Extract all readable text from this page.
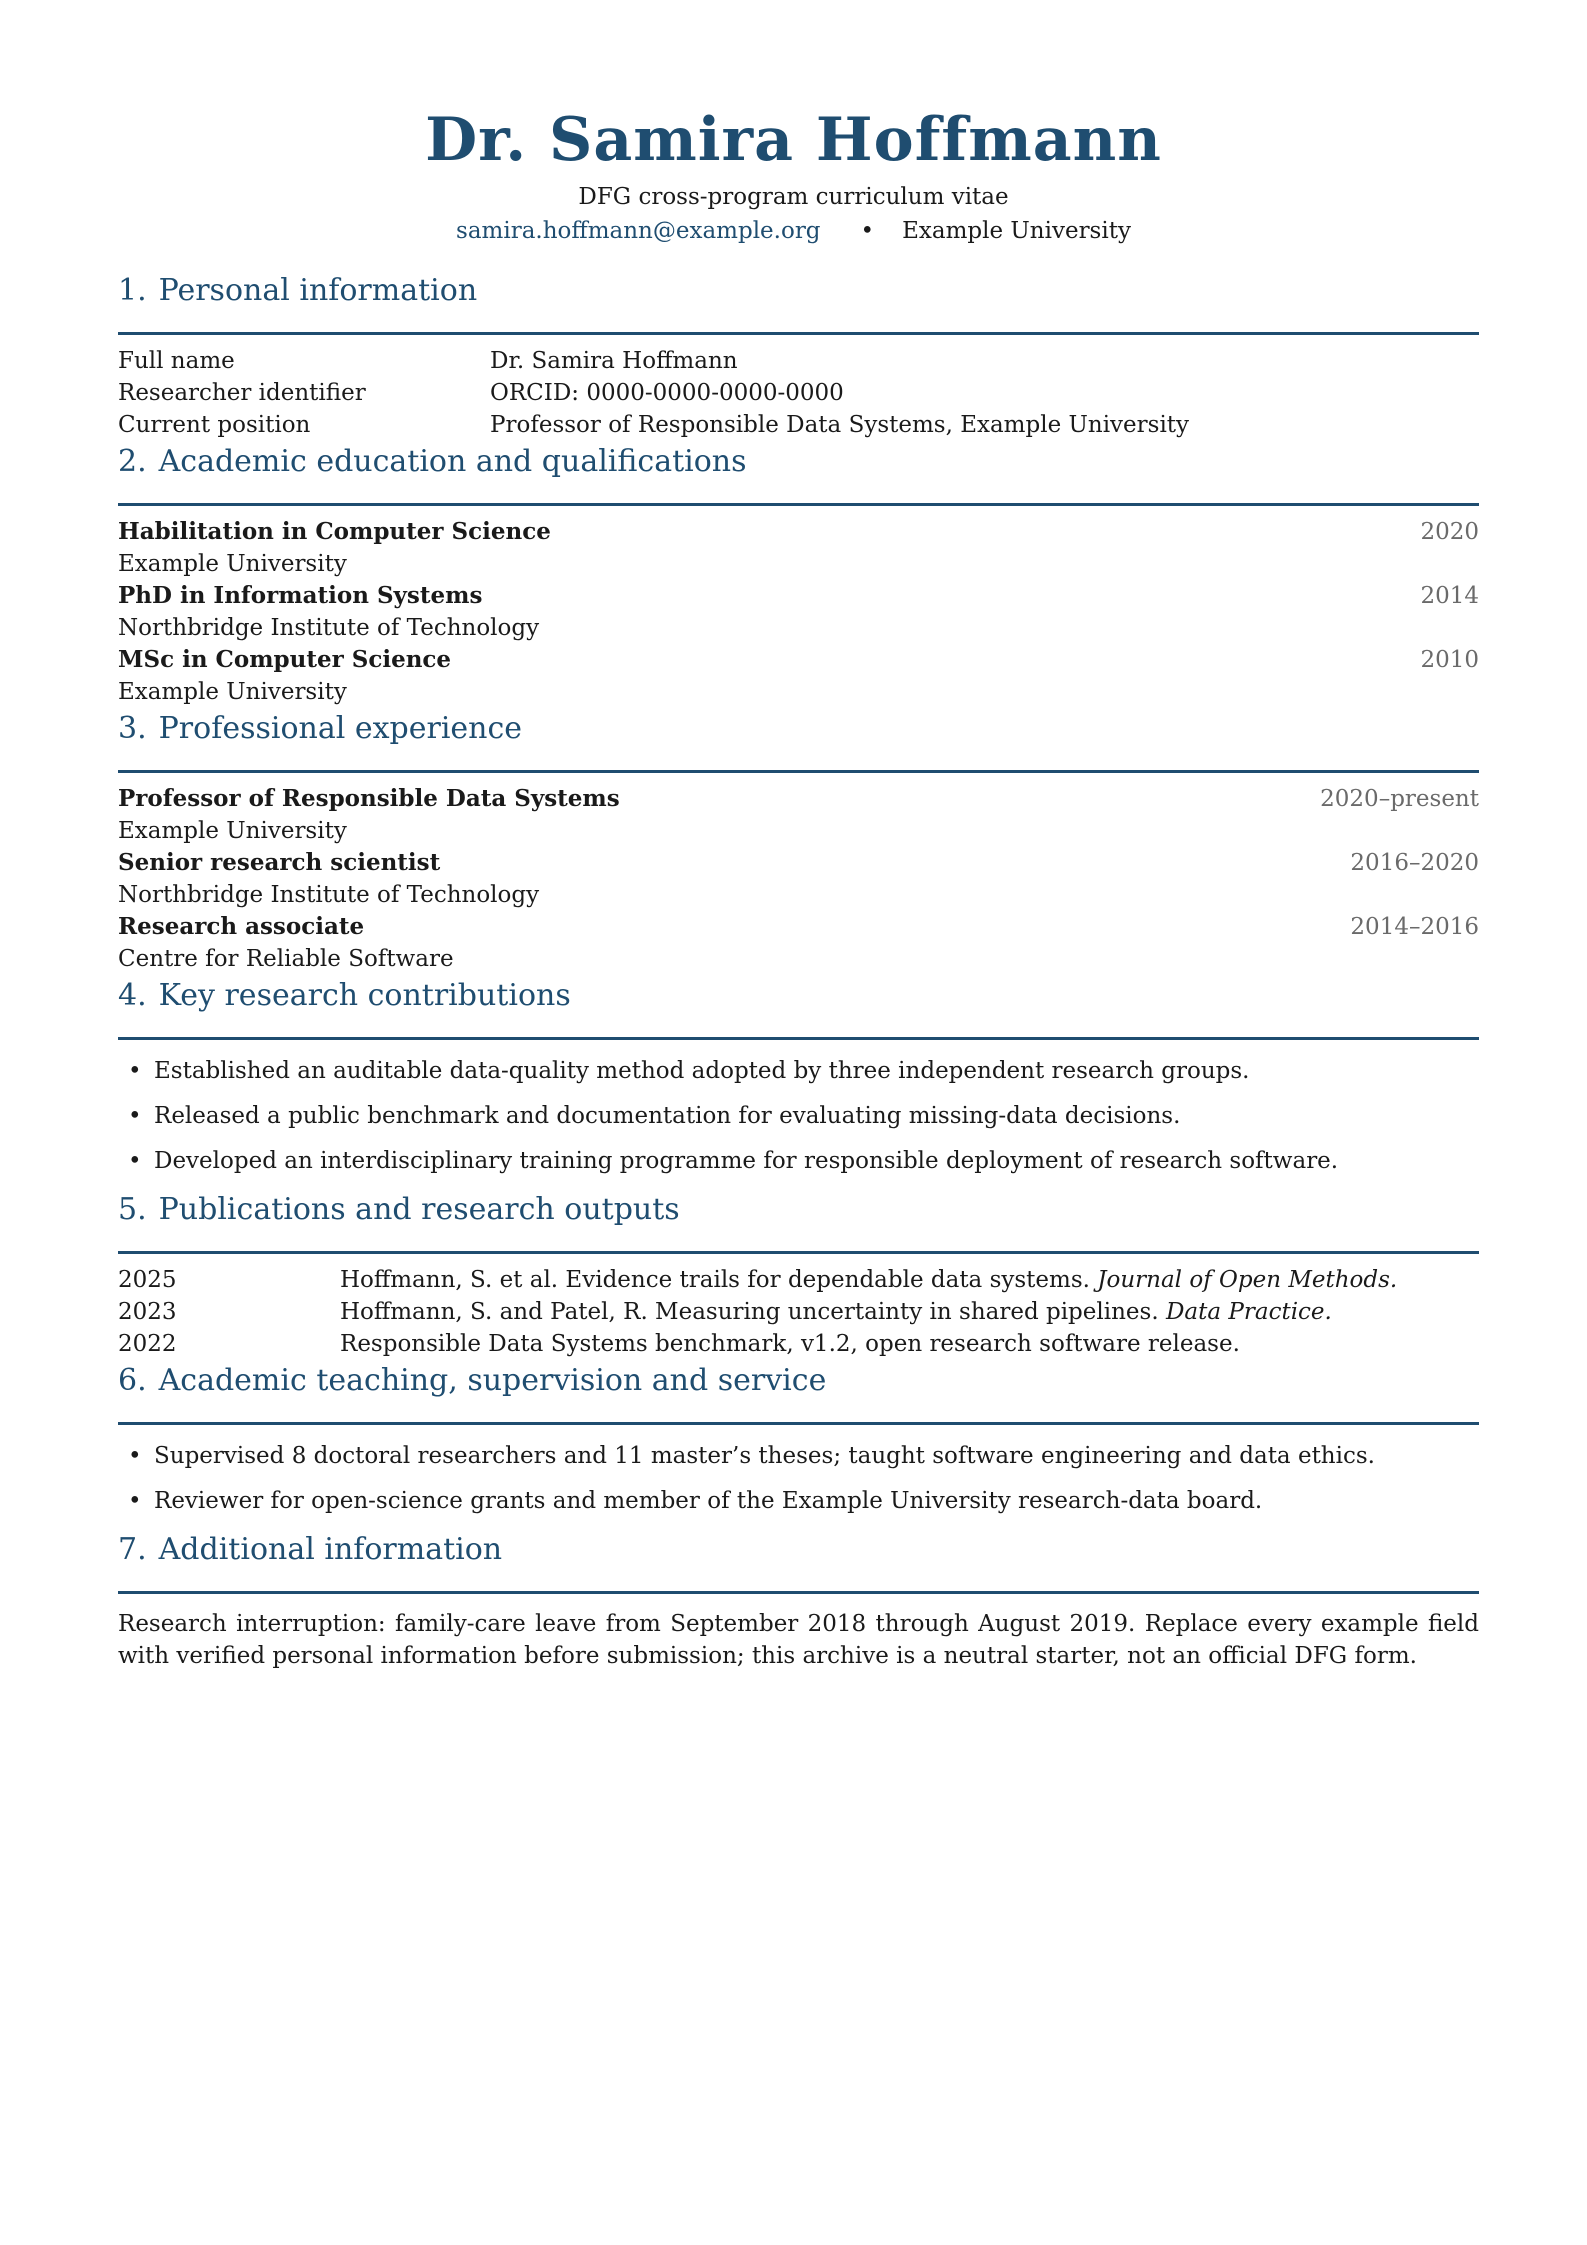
Dr. Samira Hoffmann
DFG cross-program curriculum vitae
samira.hoffmann@example.org • Example University
1. Personal information
Full name	Dr. Samira Hoffmann
Researcher identifier	ORCID: 0000-0000-0000-0000
Current position	Professor of Responsible Data Systems, Example University
2. Academic education and qualifications
Habilitation in Computer Science	2020
Example University
PhD in Information Systems	2014
Northbridge Institute of Technology
MSc in Computer Science	2010
Example University
3. Professional experience
Professor of Responsible Data Systems	2020–present
Example University
Senior research scientist	2016–2020
Northbridge Institute of Technology
Research associate	2014–2016
Centre for Reliable Software
4. Key research contributions
• Established an auditable data-quality method adopted by three independent research groups.
• Released a public benchmark and documentation for evaluating missing-data decisions.
• Developed an interdisciplinary training programme for responsible deployment of research software.
5. Publications and research outputs
2025	Hoffmann, S. et al. Evidence trails for dependable data systems. Journal of Open Methods.
2023	Hoffmann, S. and Patel, R. Measuring uncertainty in shared pipelines. Data Practice.
2022	Responsible Data Systems benchmark, v1.2, open research software release.
6. Academic teaching, supervision and service
• Supervised 8 doctoral researchers and 11 master’s theses; taught software engineering and data ethics.
• Reviewer for open-science grants and member of the Example University research-data board.
7. Additional information
Research interruption: family-care leave from September 2018 through August 2019. Replace every example field with verified personal information before submission; this archive is a neutral starter, not an official DFG form.
